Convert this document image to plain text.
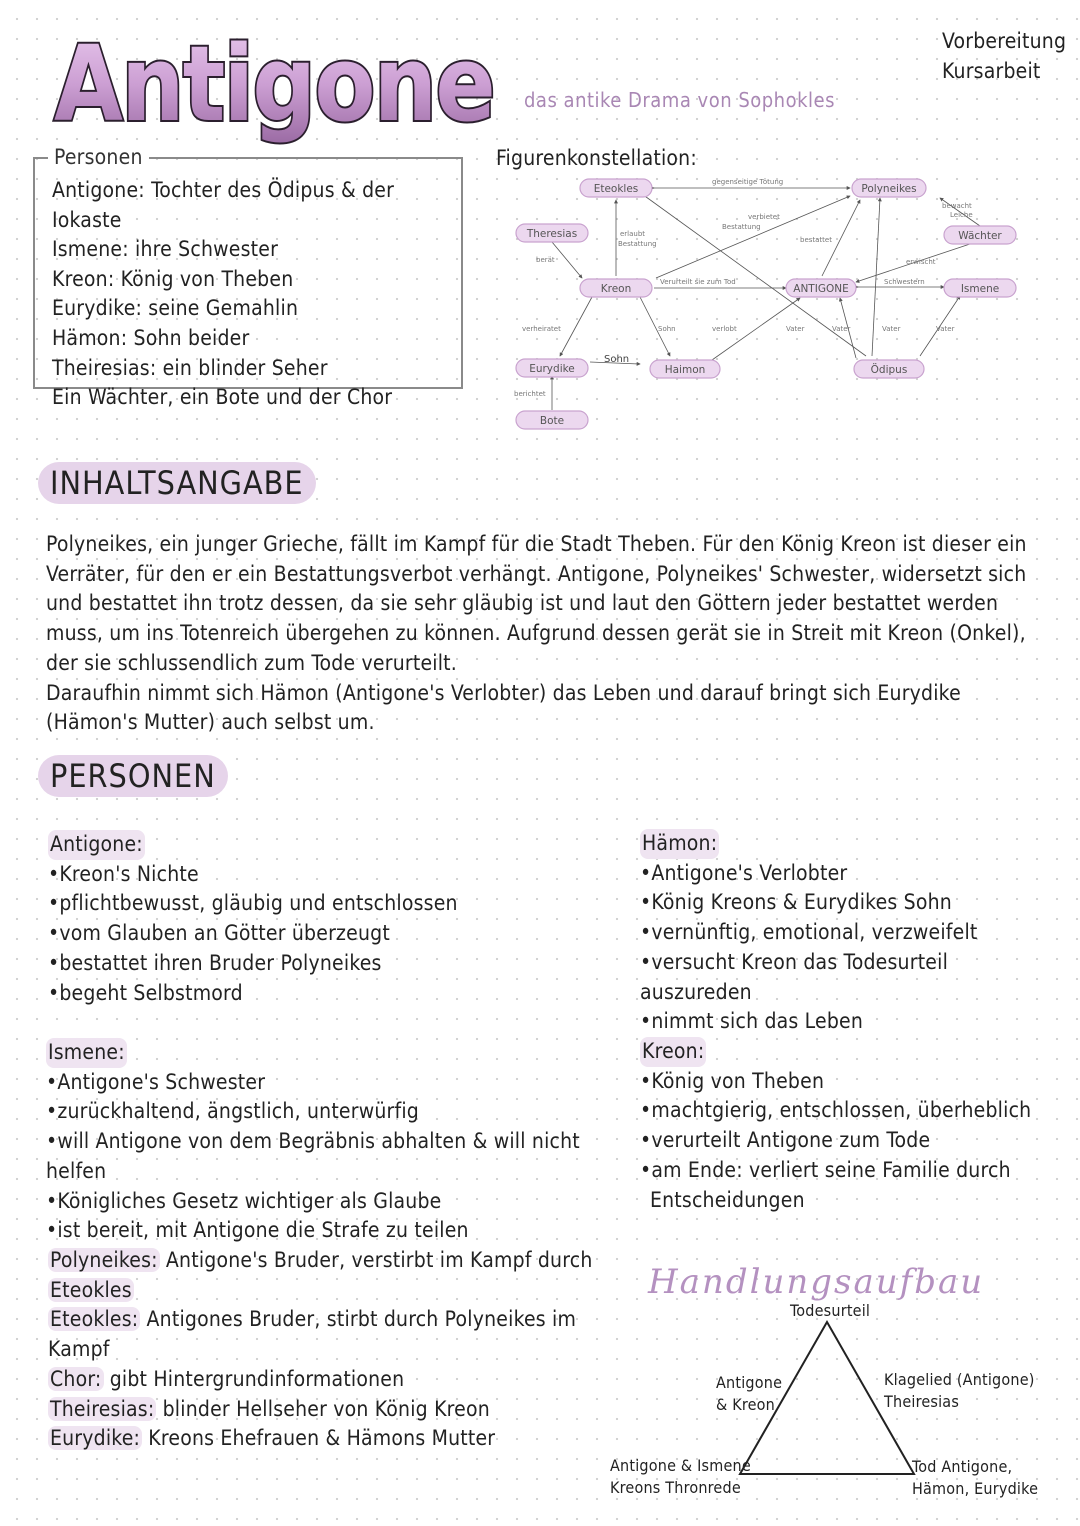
Antigone das antike Drama von Sophokles
Vorbereitung
Kursarbeit
Personen
Antigone: Tochter des Ödipus & der Iokaste
Ismene: ihre Schwester
Kreon: König von Theben
Eurydike: seine Gemahlin
Hämon: Sohn beider
Theiresias: ein blinder Seher
Ein Wächter, ein Bote und der Chor
Figurenkonstellation:
gegenseitige Tötung
bewacht
Leiche
verbietet
Bestattung
erlaubt
Bestattung	bestattet
berät	erwischt
Verurteilt sie zum Tod	Schwestern
verheiratet	Sohn	verlobt	Vater	Vater	Vater	Vater
Sohn
berichtet
Eteokles	Polyneikes
Theresias	Wächter
Kreon	ANTIGONE	Ismene
Eurydike	Haimon	Ödipus
Bote
INHALTSANGABE

Polyneikes, ein junger Grieche, fällt im Kampf für die Stadt Theben. Für den König Kreon ist dieser ein Verräter, für den er ein Bestattungsverbot verhängt. Antigone, Polyneikes' Schwester, widersetzt sich und bestattet ihn trotz dessen, da sie sehr gläubig ist und laut den Göttern jeder bestattet werden muss, um ins Totenreich übergehen zu können. Aufgrund dessen gerät sie in Streit mit Kreon (Onkel), der sie schlussendlich zum Tode verurteilt.

Daraufhin nimmt sich Hämon (Antigone's Verlobter) das Leben und darauf bringt sich Eurydike (Hämon's Mutter) auch selbst um.

PERSONEN
Antigone:
•Kreon's Nichte
•pflichtbewusst, gläubig und entschlossen
•vom Glauben an Götter überzeugt
•bestattet ihren Bruder Polyneikes
•begeht Selbstmord
Ismene:
•Antigone's Schwester
•zurückhaltend, ängstlich, unterwürfig
•will Antigone von dem Begräbnis abhalten & will nicht helfen
•Königliches Gesetz wichtiger als Glaube
•ist bereit, mit Antigone die Strafe zu teilen
Hämon:
•Antigone's Verlobter
•König Kreons & Eurydikes Sohn
•vernünftig, emotional, verzweifelt
•versucht Kreon das Todesurteil auszureden
•nimmt sich das Leben
Kreon:
•König von Theben
•machtgierig, entschlossen, überheblich
•verurteilt Antigone zum Tode
•am Ende: verliert seine Familie durch
Entscheidungen
Polyneikes: Antigone's Bruder, verstirbt im Kampf durch
Eteokles
Eteokles: Antigones Bruder, stirbt durch Polyneikes im Kampf
Chor: gibt Hintergrundinformationen
Theiresias: blinder Hellseher von König Kreon
Eurydike: Kreons Ehefrauen & Hämons Mutter
Handlungsaufbau
Todesurteil
Antigone
& Kreon
Klagelied (Antigone)
Theiresias
Antigone & Ismene
Kreons Thronrede
Tod Antigone,
Hämon, Eurydike
